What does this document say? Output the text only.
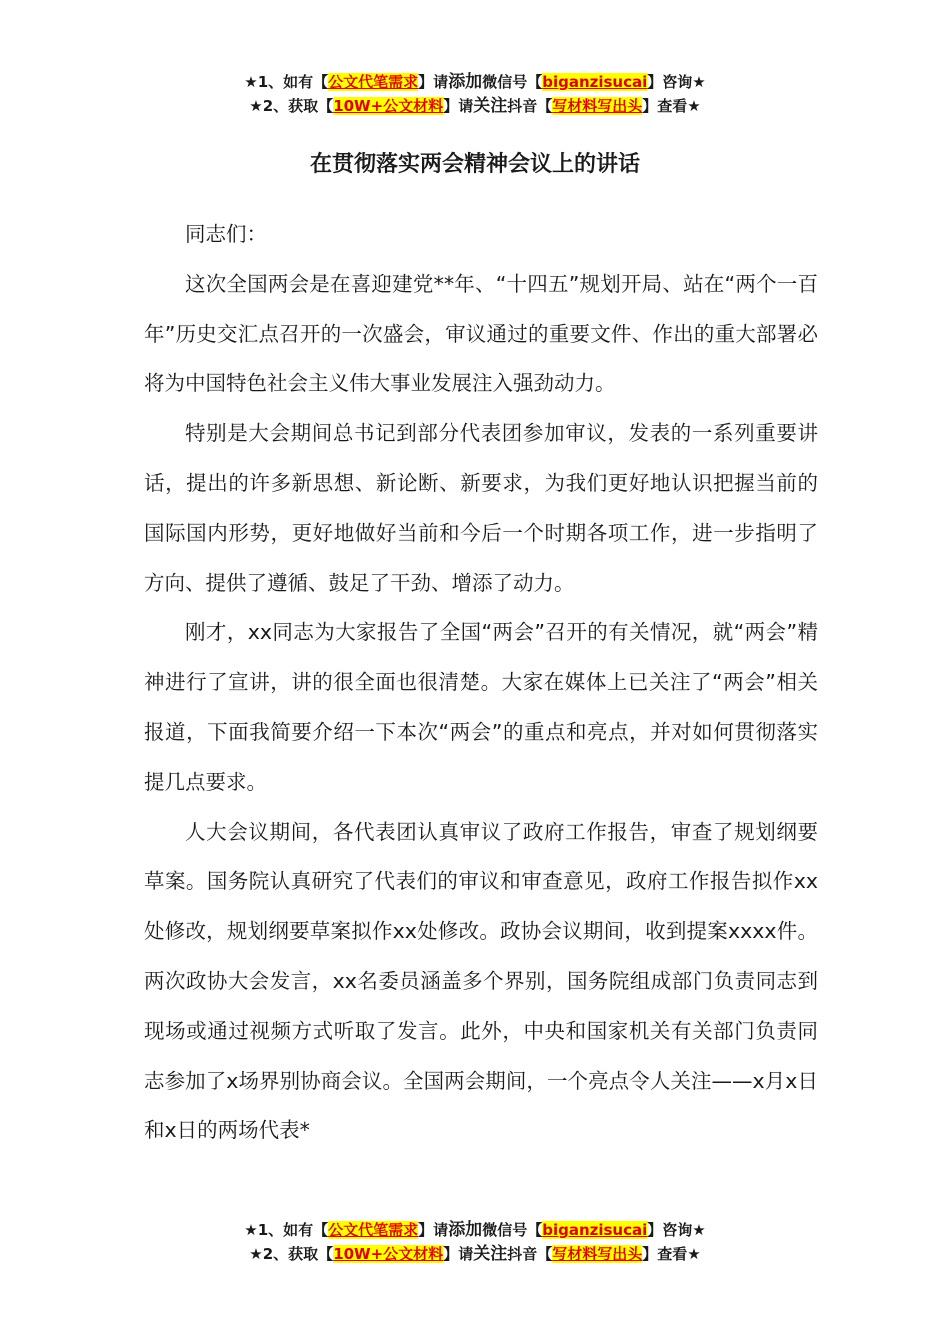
★1、如有【公文代笔需求】请添加微信号【biganzisucai】咨询★
★2、获取【10W+公文材料】请关注抖音【写材料写出头】查看★
在贯彻落实两会精神会议上的讲话

同志们：

这次全国两会是在喜迎建党**年、“十四五”规划开局、站在“两个一百年”历史交汇点召开的一次盛会，审议通过的重要文件、作出的重大部署必将为中国特色社会主义伟大事业发展注入强劲动力。

特别是大会期间总书记到部分代表团参加审议，发表的一系列重要讲话，提出的许多新思想、新论断、新要求，为我们更好地认识把握当前的国际国内形势，更好地做好当前和今后一个时期各项工作，进一步指明了方向、提供了遵循、鼓足了干劲、增添了动力。

刚才，xx同志为大家报告了全国“两会”召开的有关情况，就“两会”精神进行了宣讲，讲的很全面也很清楚。大家在媒体上已关注了“两会”相关报道，下面我简要介绍一下本次“两会”的重点和亮点，并对如何贯彻落实提几点要求。

人大会议期间，各代表团认真审议了政府工作报告，审查了规划纲要草案。国务院认真研究了代表们的审议和审查意见，政府工作报告拟作xx处修改，规划纲要草案拟作xx处修改。政协会议期间，收到提案xxxx件。两次政协大会发言，xx名委员涵盖多个界别，国务院组成部门负责同志到现场或通过视频方式听取了发言。此外，中央和国家机关有关部门负责同志参加了x场界别协商会议。全国两会期间，一个亮点令人关注——x月x日和x日的两场代表*

★1、如有【公文代笔需求】请添加微信号【biganzisucai】咨询★
★2、获取【10W+公文材料】请关注抖音【写材料写出头】查看★
